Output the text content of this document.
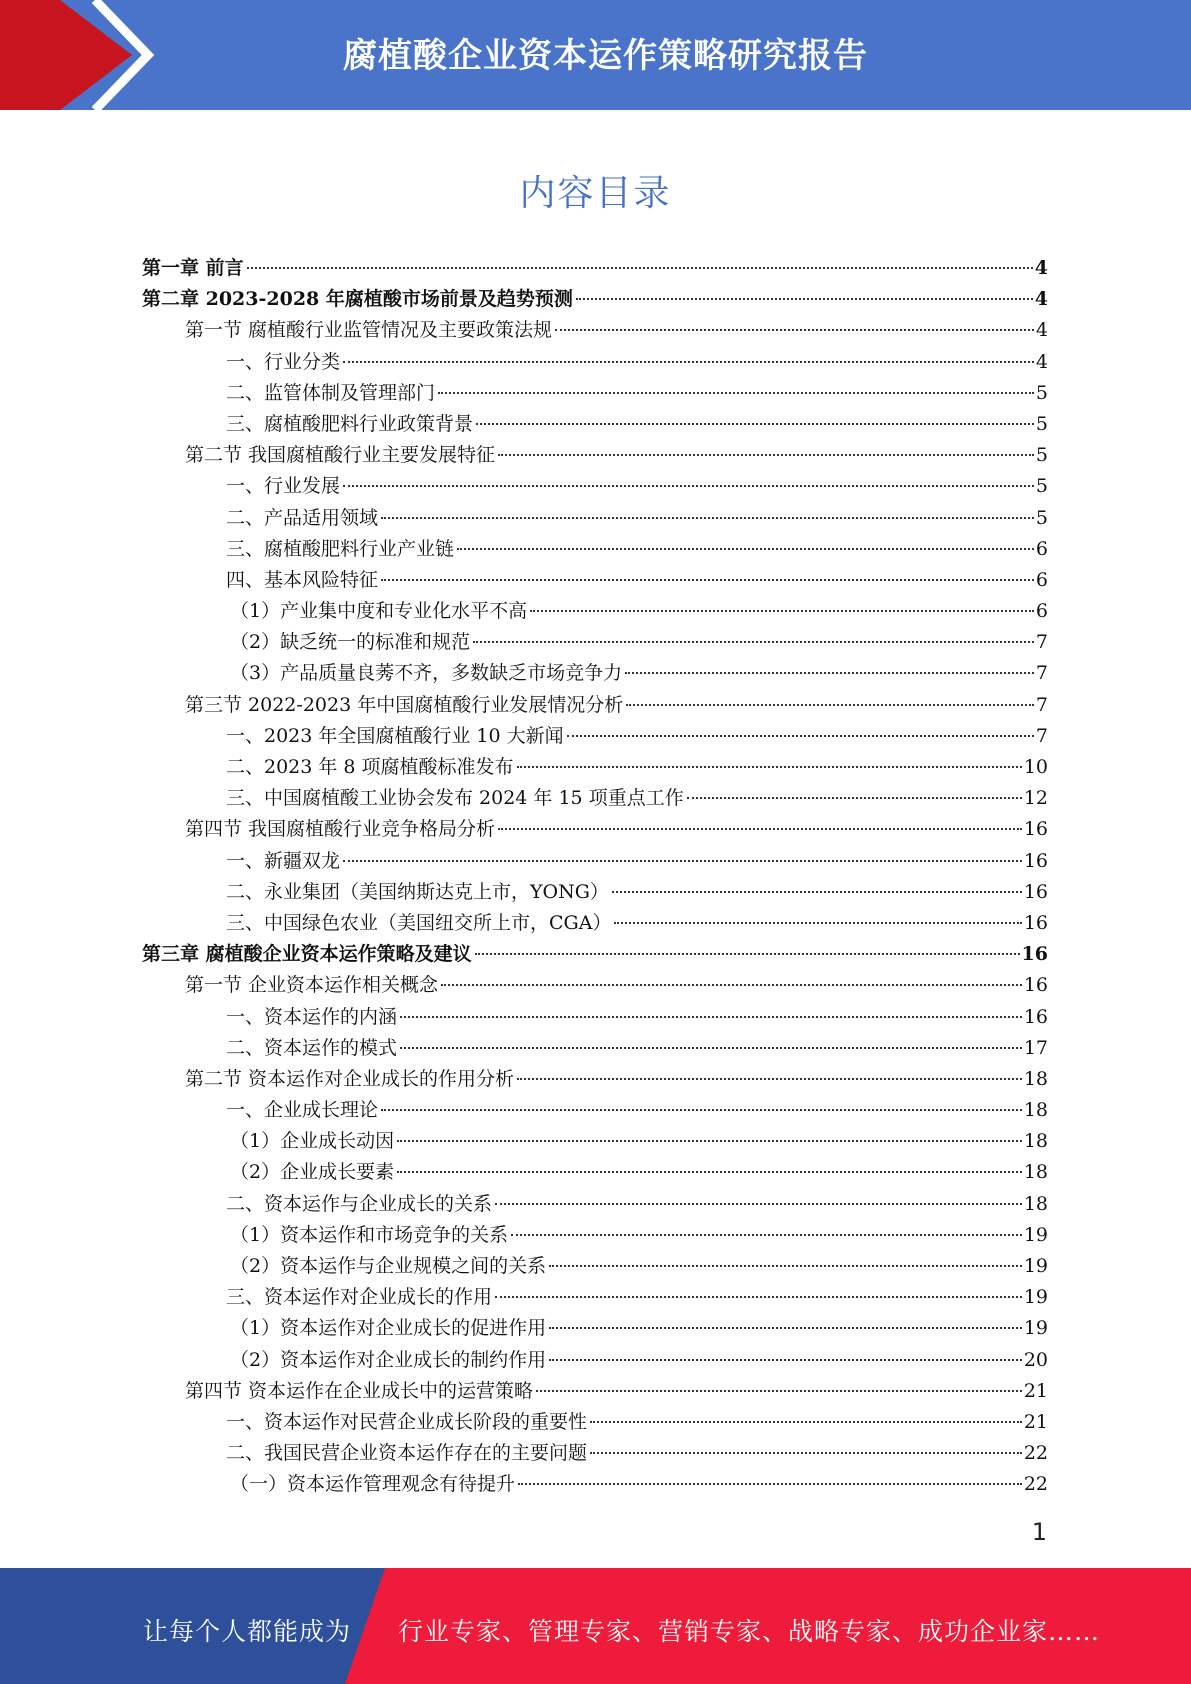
腐植酸企业资本运作策略研究报告
内容目录
第一章 前言	4
第二章 2023-2028 年腐植酸市场前景及趋势预测	4
第一节 腐植酸行业监管情况及主要政策法规	4
一、行业分类	4
二、监管体制及管理部门	5
三、腐植酸肥料行业政策背景	5
第二节 我国腐植酸行业主要发展特征	5
一、行业发展	5
二、产品适用领域	5
三、腐植酸肥料行业产业链	6
四、基本风险特征	6
（1）产业集中度和专业化水平不高	6
（2）缺乏统一的标准和规范	7
（3）产品质量良莠不齐，多数缺乏市场竞争力	7
第三节 2022-2023 年中国腐植酸行业发展情况分析	7
一、2023 年全国腐植酸行业 10 大新闻	7
二、2023 年 8 项腐植酸标准发布	10
三、中国腐植酸工业协会发布 2024 年 15 项重点工作	12
第四节 我国腐植酸行业竞争格局分析	16
一、新疆双龙	16
二、永业集团（美国纳斯达克上市，YONG）	16
三、中国绿色农业（美国纽交所上市，CGA）	16
第三章 腐植酸企业资本运作策略及建议	16
第一节 企业资本运作相关概念	16
一、资本运作的内涵	16
二、资本运作的模式	17
第二节 资本运作对企业成长的作用分析	18
一、企业成长理论	18
（1）企业成长动因	18
（2）企业成长要素	18
二、资本运作与企业成长的关系	18
（1）资本运作和市场竞争的关系	19
（2）资本运作与企业规模之间的关系	19
三、资本运作对企业成长的作用	19
（1）资本运作对企业成长的促进作用	19
（2）资本运作对企业成长的制约作用	20
第四节 资本运作在企业成长中的运营策略	21
一、资本运作对民营企业成长阶段的重要性	21
二、我国民营企业资本运作存在的主要问题	22
（一）资本运作管理观念有待提升	22
1
让每个人都能成为 行业专家、管理专家、营销专家、战略专家、成功企业家……
